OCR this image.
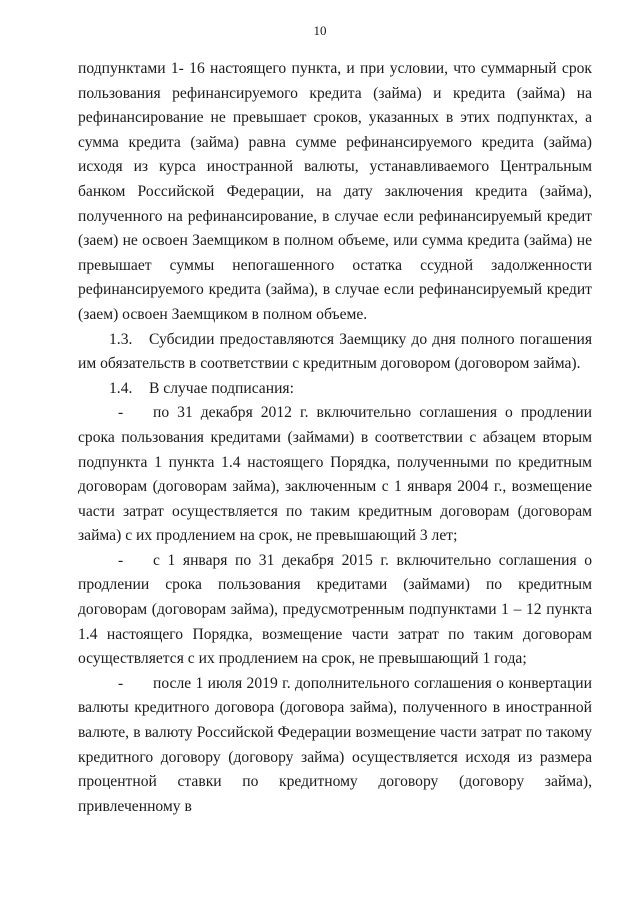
10

подпунктами 1- 16 настоящего пункта, и при условии, что суммарный срок пользования рефинансируемого кредита (займа) и кредита (займа) на рефинансирование не превышает сроков, указанных в этих подпунктах, а сумма кредита (займа) равна сумме рефинансируемого кредита (займа) исходя из курса иностранной валюты, устанавливаемого Центральным банком Российской Федерации, на дату заключения кредита (займа), полученного на рефинансирование, в случае если рефинансируемый кредит (заем) не освоен Заемщиком в полном объеме, или сумма кредита (займа) не превышает суммы непогашенного остатка ссудной задолженности рефинансируемого кредита (займа), в случае если рефинансируемый кредит (заем) освоен Заемщиком в полном объеме.

1.3. Субсидии предоставляются Заемщику до дня полного погашения им обязательств в соответствии с кредитным договором (договором займа).

1.4. В случае подписания:

- по 31 декабря 2012 г. включительно соглашения о продлении срока пользования кредитами (займами) в соответствии с абзацем вторым подпункта 1 пункта 1.4 настоящего Порядка, полученными по кредитным договорам (договорам займа), заключенным с 1 января 2004 г., возмещение части затрат осуществляется по таким кредитным договорам (договорам займа) с их продлением на срок, не превышающий 3 лет;

- с 1 января по 31 декабря 2015 г. включительно соглашения о продлении срока пользования кредитами (займами) по кредитным договорам (договорам займа), предусмотренным подпунктами 1 – 12 пункта 1.4 настоящего Порядка, возмещение части затрат по таким договорам осуществляется с их продлением на срок, не превышающий 1 года;

- после 1 июля 2019 г. дополнительного соглашения о конвертации валюты кредитного договора (договора займа), полученного в иностранной валюте, в валюту Российской Федерации возмещение части затрат по такому кредитного договору (договору займа) осуществляется исходя из размера процентной ставки по кредитному договору (договору займа), привлеченному в
